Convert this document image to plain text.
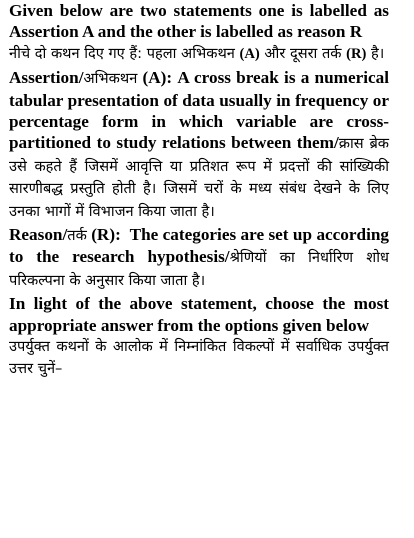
Given below are two statements one is labelled as Assertion A and the other is labelled as reason R

नीचे दो कथन दिए गए हैं: पहला अभिकथन (A) और दूसरा तर्क (R) है।

Assertion/अभिकथन (A): A cross break is a numerical tabular presentation of data usually in frequency or percentage form in which variable are cross-partitioned to study relations between them/क्रास ब्रेक उसे कहते हैं जिसमें आवृत्ति या प्रतिशत रूप में प्रदत्तों की सांख्यिकी सारणीबद्ध प्रस्तुति होती है। जिसमें चरों के मध्य संबंध देखने के लिए उनका भागों में विभाजन किया जाता है।

Reason/तर्क (R): The categories are set up according to the research hypothesis/श्रेणियों का निर्धारिण शोध परिकल्पना के अनुसार किया जाता है।

In light of the above statement, choose the most appropriate answer from the options given below

उपर्युक्त कथनों के आलोक में निम्नांकित विकल्पों में सर्वाधिक उपर्युक्त उत्तर चुनें–
